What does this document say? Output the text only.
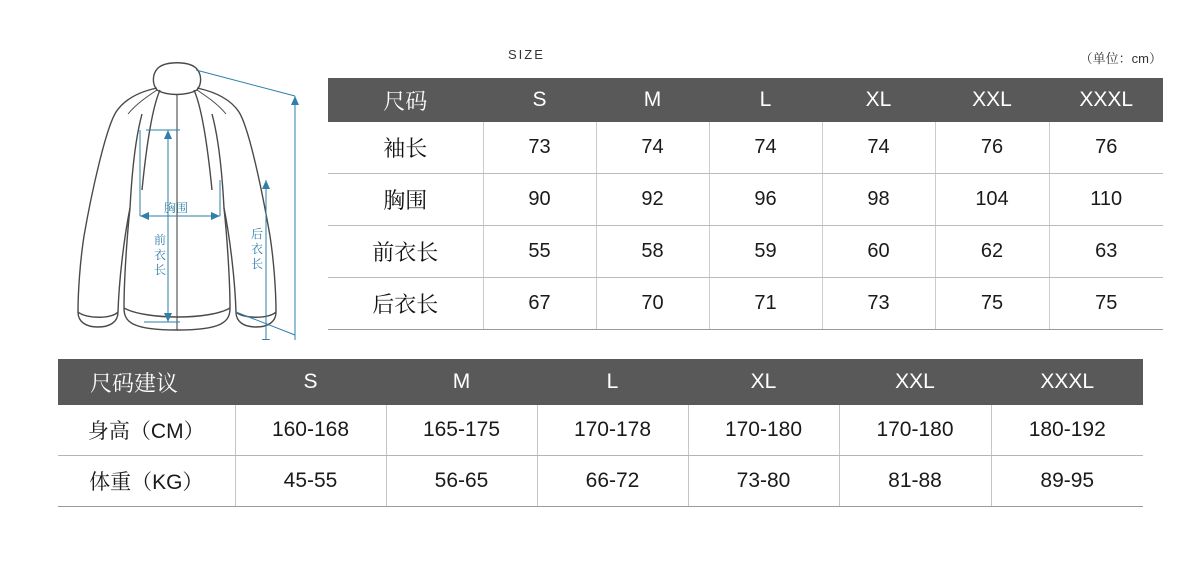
胸围
前
衣
长
后
衣
长
SIZE	（单位：cm）
尺码	S	M	L	XL	XXL	XXXL
袖长	73	74	74	74	76	76
胸围	90	92	96	98	104	110
前衣长	55	58	59	60	62	63
后衣长	67	70	71	73	75	75
尺码建议	S	M	L	XL	XXL	XXXL
身高（CM）	160-168	165-175	170-178	170-180	170-180	180-192
体重（KG）	45-55	56-65	66-72	73-80	81-88	89-95
